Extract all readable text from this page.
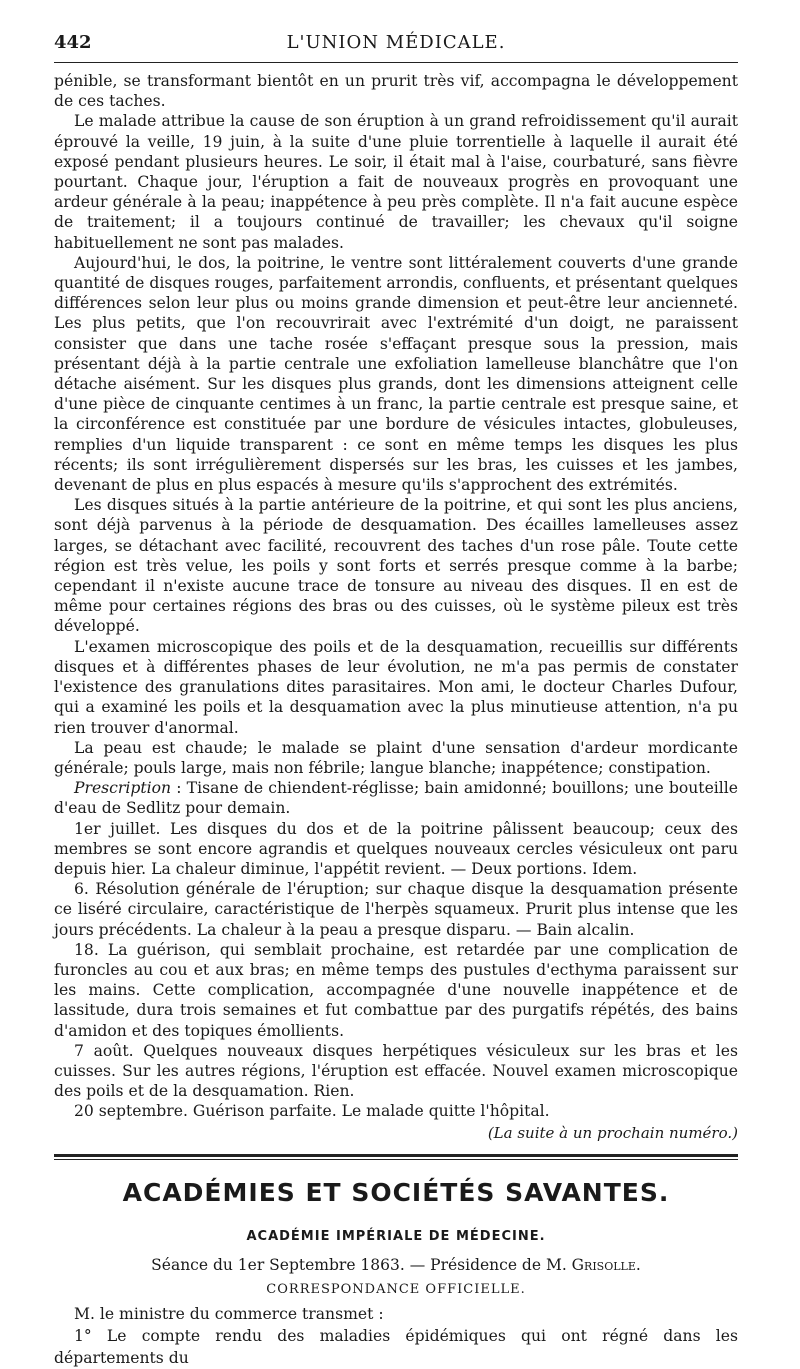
442	L'UNION MÉDICALE.

pénible, se transformant bientôt en un prurit très vif, accompagna le développement de ces taches.

Le malade attribue la cause de son éruption à un grand refroidissement qu'il aurait éprouvé la veille, 19 juin, à la suite d'une pluie torrentielle à laquelle il aurait été exposé pendant plusieurs heures. Le soir, il était mal à l'aise, courbaturé, sans fièvre pourtant. Chaque jour, l'éruption a fait de nouveaux progrès en provoquant une ardeur générale à la peau; inappétence à peu près complète. Il n'a fait aucune espèce de traitement; il a toujours continué de travailler; les chevaux qu'il soigne habituellement ne sont pas malades.

Aujourd'hui, le dos, la poitrine, le ventre sont littéralement couverts d'une grande quantité de disques rouges, parfaitement arrondis, confluents, et présentant quelques différences selon leur plus ou moins grande dimension et peut-être leur ancienneté. Les plus petits, que l'on recouvrirait avec l'extrémité d'un doigt, ne paraissent consister que dans une tache rosée s'effaçant presque sous la pression, mais présentant déjà à la partie centrale une exfoliation lamelleuse blanchâtre que l'on détache aisément. Sur les disques plus grands, dont les dimensions atteignent celle d'une pièce de cinquante centimes à un franc, la partie centrale est presque saine, et la circonférence est constituée par une bordure de vésicules intactes, globuleuses, remplies d'un liquide transparent : ce sont en même temps les disques les plus récents; ils sont irrégulièrement dispersés sur les bras, les cuisses et les jambes, devenant de plus en plus espacés à mesure qu'ils s'approchent des extrémités.

Les disques situés à la partie antérieure de la poitrine, et qui sont les plus anciens, sont déjà parvenus à la période de desquamation. Des écailles lamelleuses assez larges, se détachant avec facilité, recouvrent des taches d'un rose pâle. Toute cette région est très velue, les poils y sont forts et serrés presque comme à la barbe; cependant il n'existe aucune trace de tonsure au niveau des disques. Il en est de même pour certaines régions des bras ou des cuisses, où le système pileux est très développé.

L'examen microscopique des poils et de la desquamation, recueillis sur différents disques et à différentes phases de leur évolution, ne m'a pas permis de constater l'existence des granulations dites parasitaires. Mon ami, le docteur Charles Dufour, qui a examiné les poils et la desquamation avec la plus minutieuse attention, n'a pu rien trouver d'anormal.

La peau est chaude; le malade se plaint d'une sensation d'ardeur mordicante générale; pouls large, mais non fébrile; langue blanche; inappétence; constipation.

Prescription : Tisane de chiendent-réglisse; bain amidonné; bouillons; une bouteille d'eau de Sedlitz pour demain.

1er juillet. Les disques du dos et de la poitrine pâlissent beaucoup; ceux des membres se sont encore agrandis et quelques nouveaux cercles vésiculeux ont paru depuis hier. La chaleur diminue, l'appétit revient. — Deux portions. Idem.

6. Résolution générale de l'éruption; sur chaque disque la desquamation présente ce liséré circulaire, caractéristique de l'herpès squameux. Prurit plus intense que les jours précédents. La chaleur à la peau a presque disparu. — Bain alcalin.

18. La guérison, qui semblait prochaine, est retardée par une complication de furoncles au cou et aux bras; en même temps des pustules d'ecthyma paraissent sur les mains. Cette complication, accompagnée d'une nouvelle inappétence et de lassitude, dura trois semaines et fut combattue par des purgatifs répétés, des bains d'amidon et des topiques émollients.

7 août. Quelques nouveaux disques herpétiques vésiculeux sur les bras et les cuisses. Sur les autres régions, l'éruption est effacée. Nouvel examen microscopique des poils et de la desquamation. Rien.

20 septembre. Guérison parfaite. Le malade quitte l'hôpital.

(La suite à un prochain numéro.)
ACADÉMIES ET SOCIÉTÉS SAVANTES.
ACADÉMIE IMPÉRIALE DE MÉDECINE.
Séance du 1er Septembre 1863. — Présidence de M. Grisolle.
CORRESPONDANCE OFFICIELLE.

M. le ministre du commerce transmet :

1° Le compte rendu des maladies épidémiques qui ont régné dans les départements du
